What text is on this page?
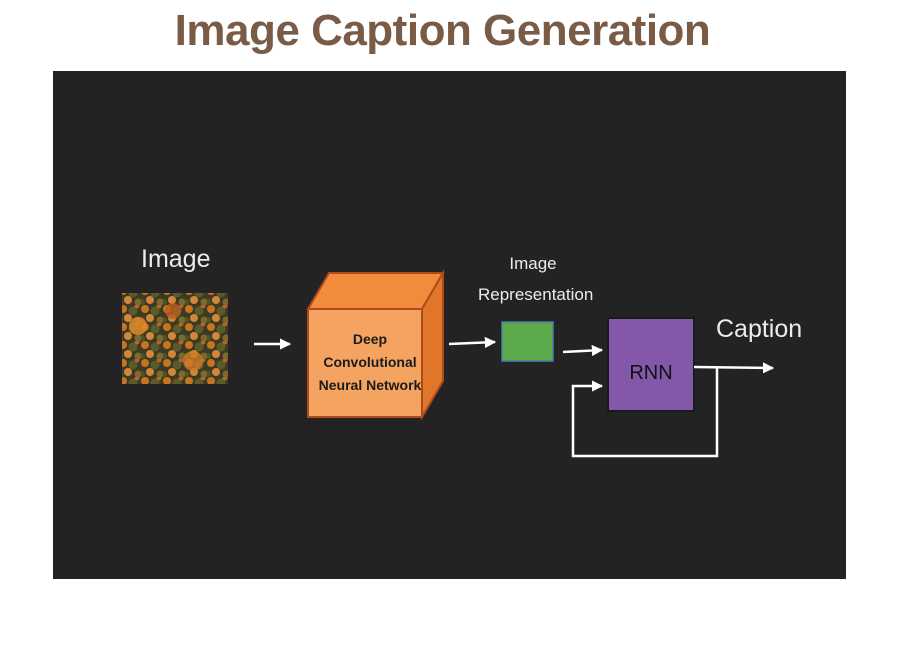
Image Caption Generation
Image	Image
Representation
Caption
Deep
Convolutional
Neural Network
RNN
